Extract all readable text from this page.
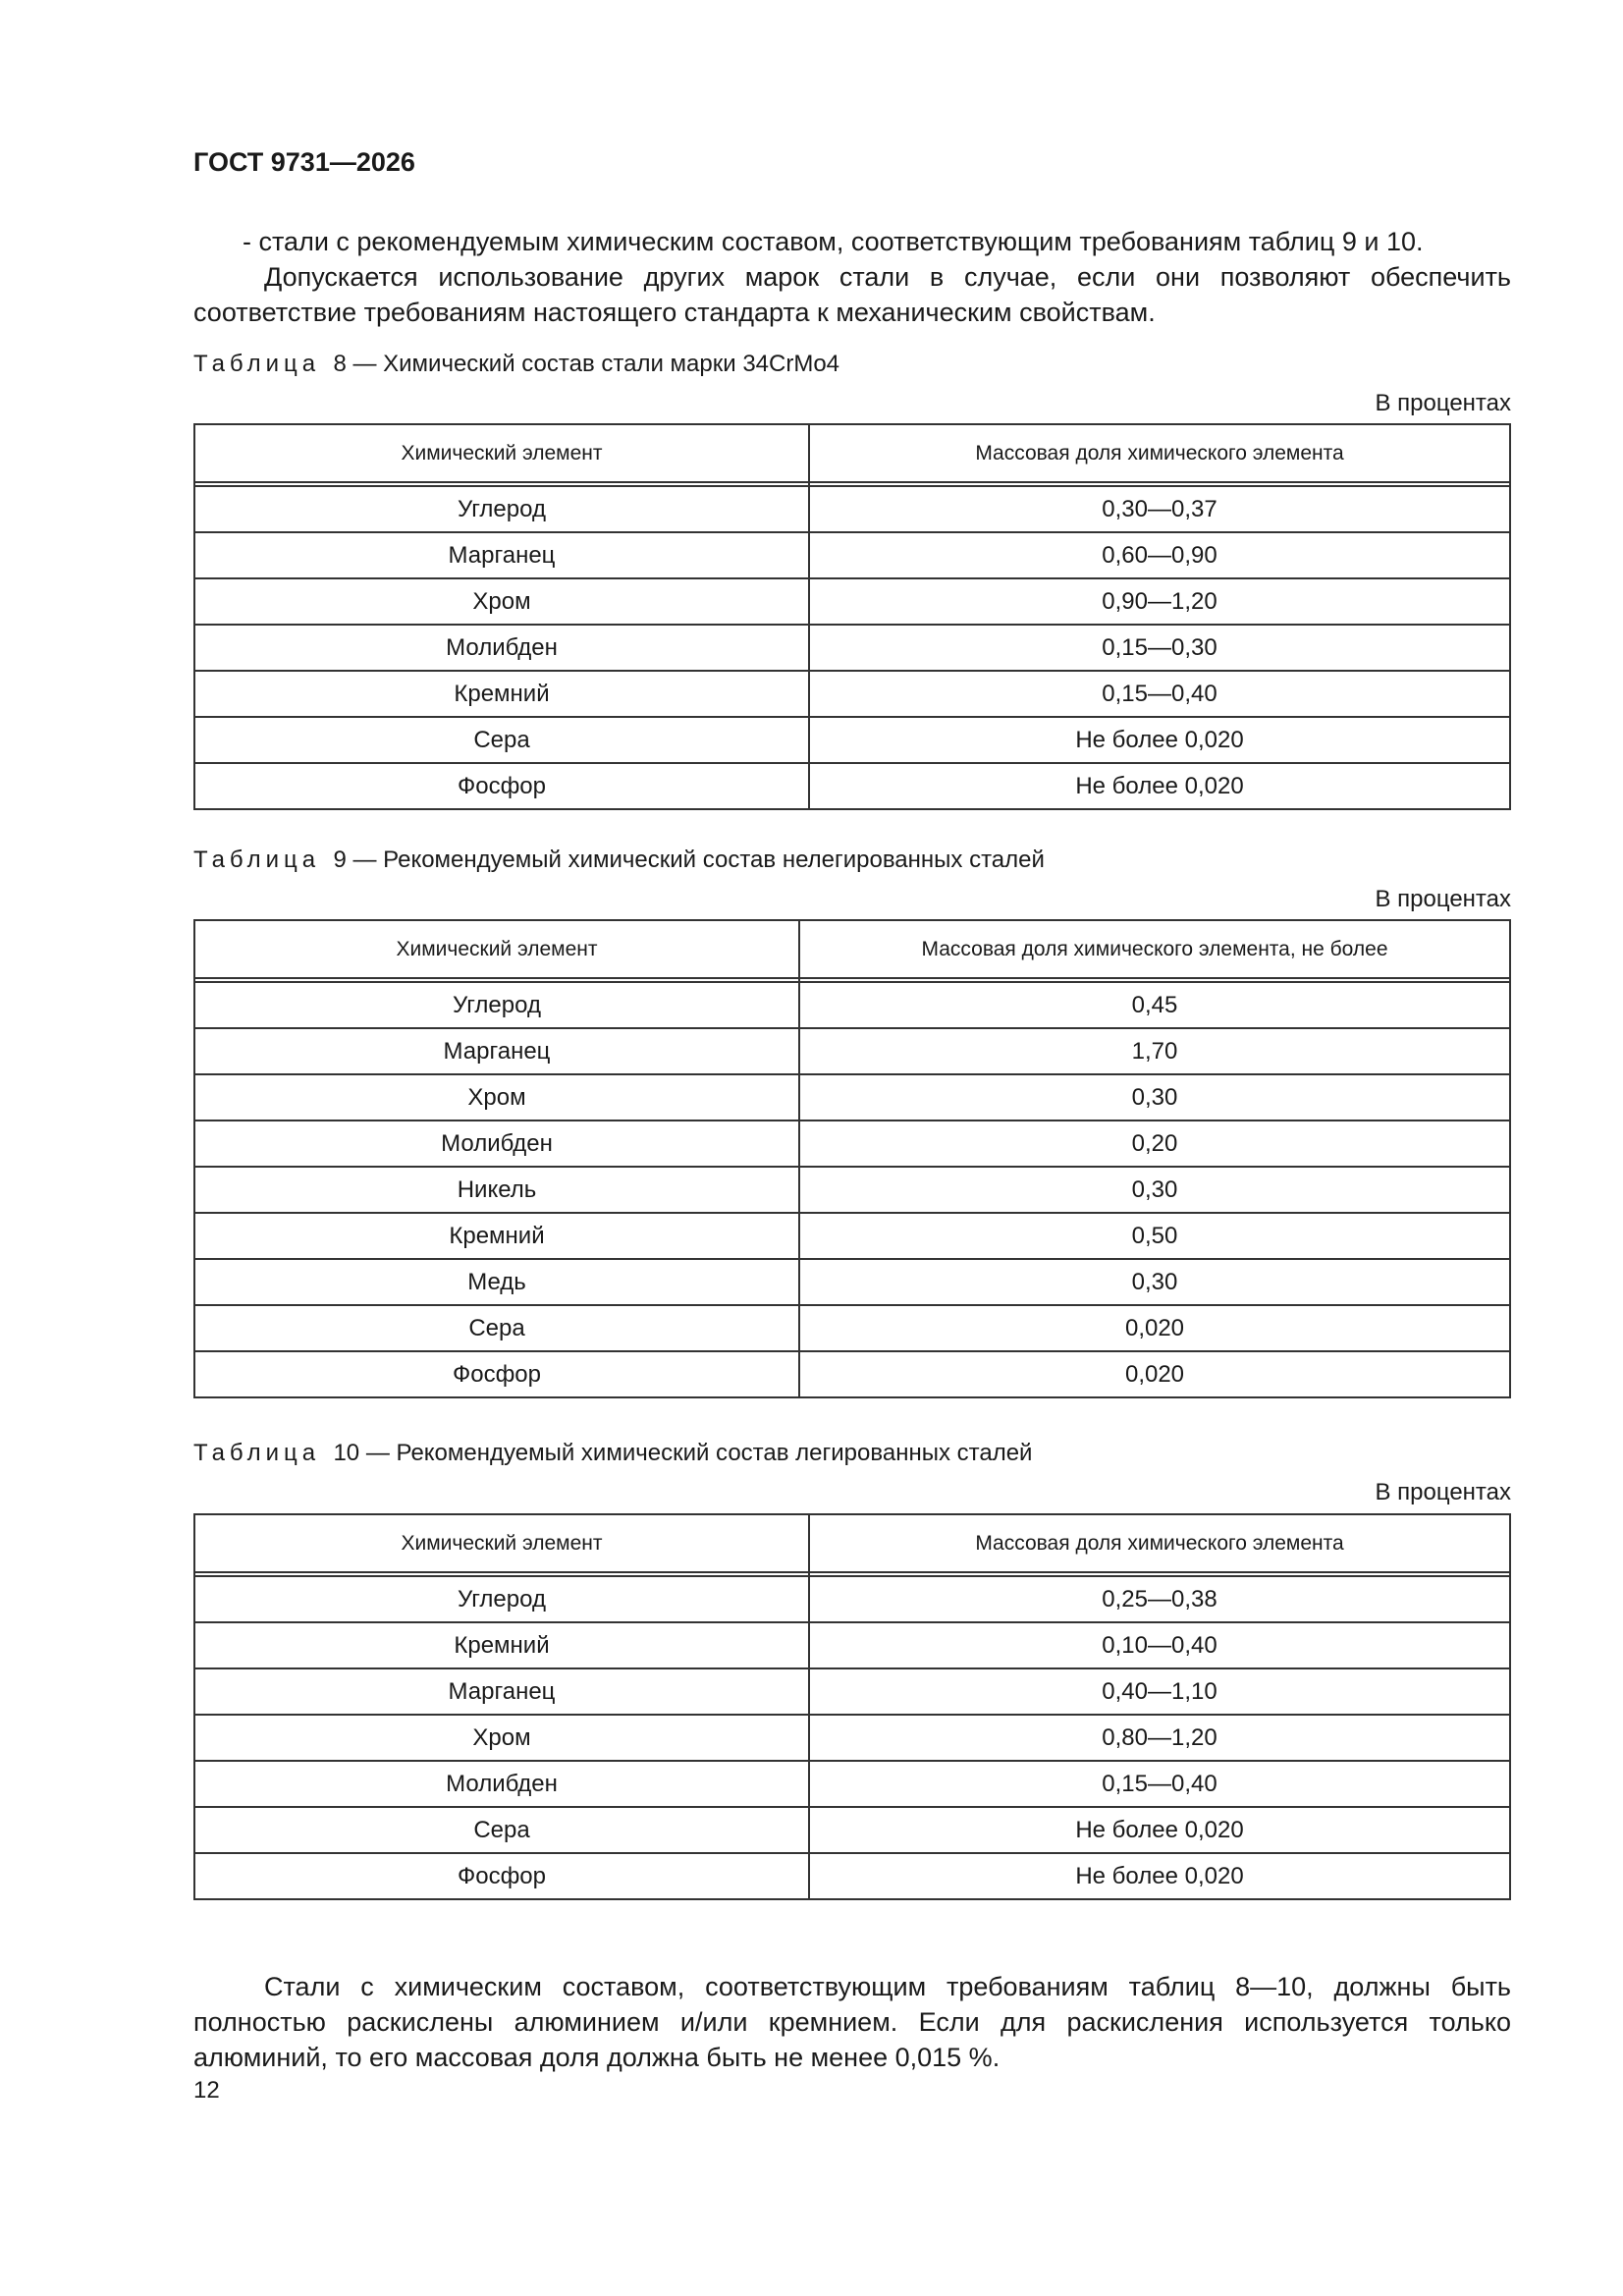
ГОСТ 9731—2026
- стали с рекомендуемым химическим составом, соответствующим требованиям таблиц 9 и 10.
Допускается использование других марок стали в случае, если они позволяют обеспечить соответствие требованиям настоящего стандарта к механическим свойствам.
Таблица 8 — Химический состав стали марки 34CrMo4
В процентах
Химический элемент	Массовая доля химического элемента

Углерод	0,30—0,37
Марганец	0,60—0,90
Хром	0,90—1,20
Молибден	0,15—0,30
Кремний	0,15—0,40
Сера	Не более 0,020
Фосфор	Не более 0,020
Таблица 9 — Рекомендуемый химический состав нелегированных сталей
В процентах
Химический элемент	Массовая доля химического элемента, не более

Углерод	0,45
Марганец	1,70
Хром	0,30
Молибден	0,20
Никель	0,30
Кремний	0,50
Медь	0,30
Сера	0,020
Фосфор	0,020
Таблица 10 — Рекомендуемый химический состав легированных сталей
В процентах
Химический элемент	Массовая доля химического элемента

Углерод	0,25—0,38
Кремний	0,10—0,40
Марганец	0,40—1,10
Хром	0,80—1,20
Молибден	0,15—0,40
Сера	Не более 0,020
Фосфор	Не более 0,020
Стали с химическим составом, соответствующим требованиям таблиц 8—10, должны быть полностью раскислены алюминием и/или кремнием. Если для раскисления используется только алюминий, то его массовая доля должна быть не менее 0,015 %.
12
